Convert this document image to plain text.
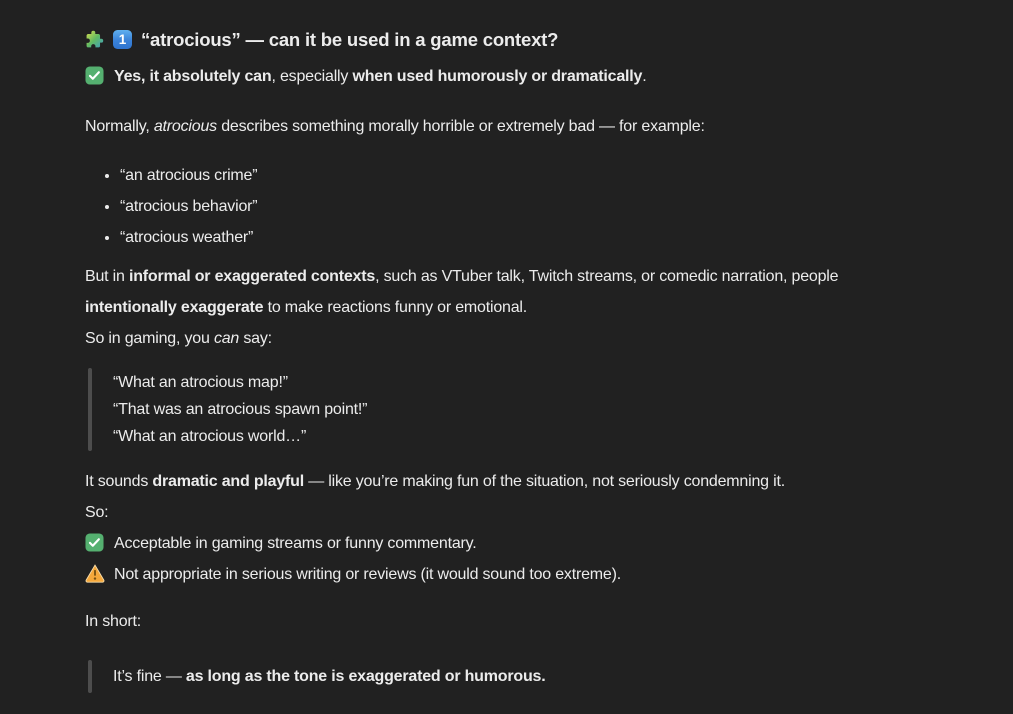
1 “atrocious” — can it be used in a game context?

Yes, it absolutely can, especially when used humorously or dramatically.

Normally, atrocious describes something morally horrible or extremely bad — for example:

• “an atrocious crime”
• “atrocious behavior”
• “atrocious weather”

But in informal or exaggerated contexts, such as VTuber talk, Twitch streams, or comedic narration, people
intentionally exaggerate to make reactions funny or emotional.

So in gaming, you can say:

“What an atrocious map!”
“That was an atrocious spawn point!”
“What an atrocious world…”

It sounds dramatic and playful — like you’re making fun of the situation, not seriously condemning it.

So:

Acceptable in gaming streams or funny commentary.

Not appropriate in serious writing or reviews (it would sound too extreme).

In short:

It’s fine — as long as the tone is exaggerated or humorous.
